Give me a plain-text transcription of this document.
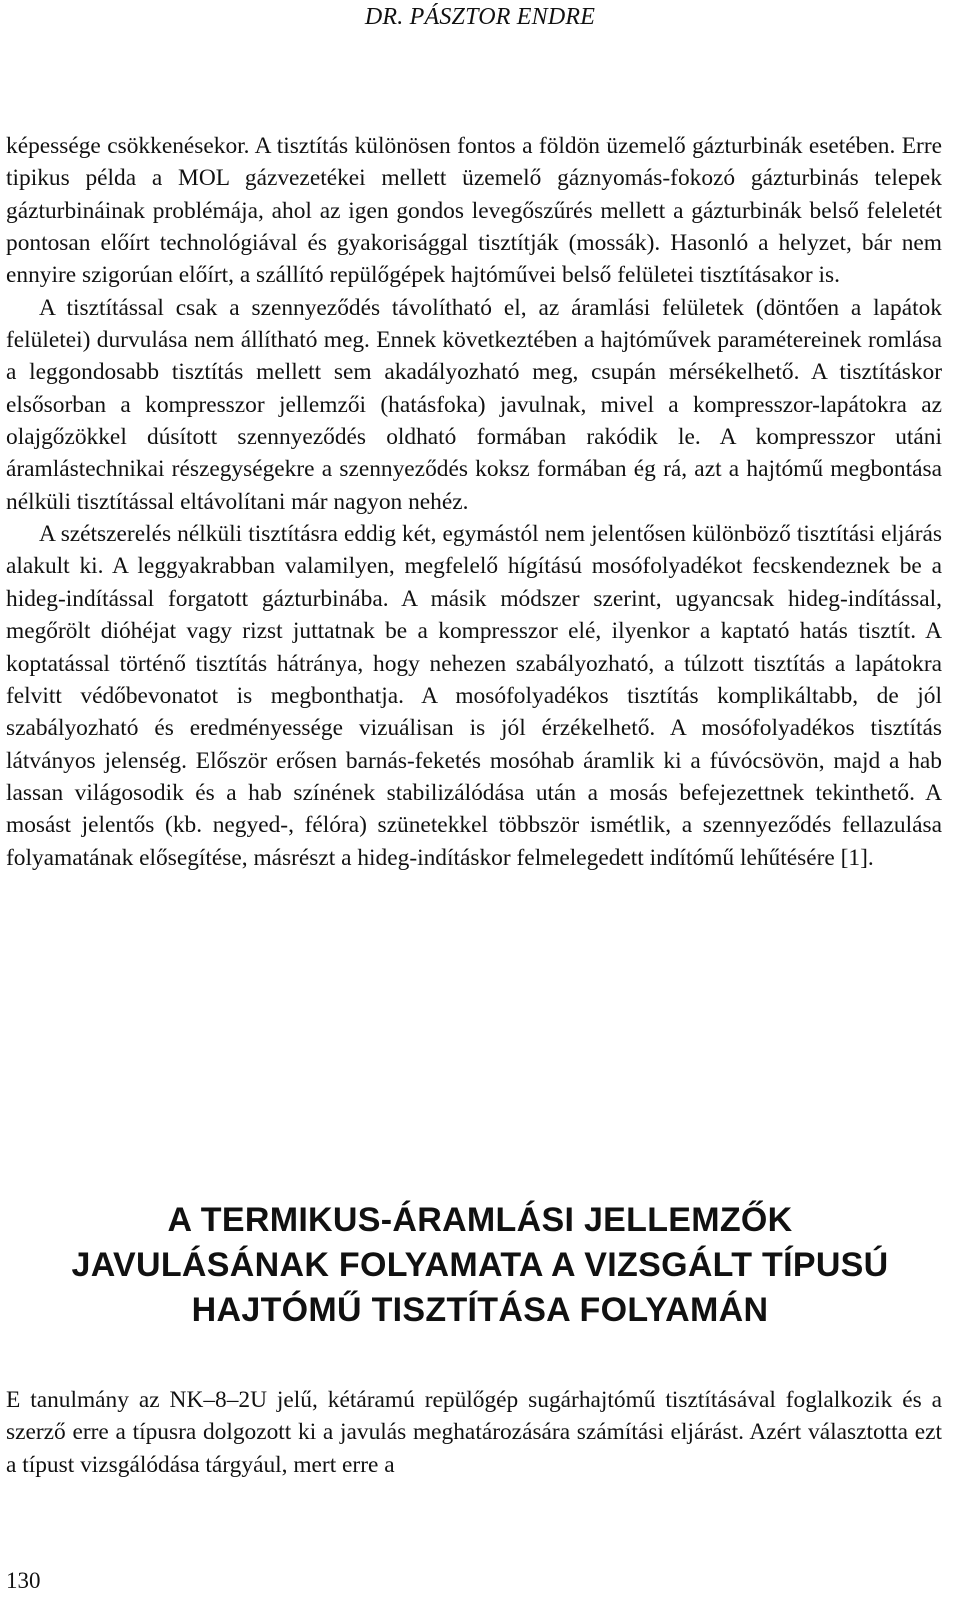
DR. PÁSZTOR ENDRE

képessége csökkenésekor. A tisztítás különösen fontos a földön üzemelő gázturbinák esetében. Erre tipikus példa a MOL gázvezetékei mellett üzemelő gáznyomás-fokozó gázturbinás telepek gázturbináinak problémája, ahol az igen gondos levegőszűrés mellett a gázturbinák belső feleletét pontosan előírt technológiával és gyakorisággal tisztítják (mossák). Hasonló a helyzet, bár nem ennyire szigorúan előírt, a szállító repülőgépek hajtóművei belső felületei tisztításakor is.

A tisztítással csak a szennyeződés távolítható el, az áramlási felületek (döntően a lapátok felületei) durvulása nem állítható meg. Ennek következtében a hajtóművek paramétereinek romlása a leggondosabb tisztítás mellett sem akadályozható meg, csupán mérsékelhető. A tisztításkor elsősorban a kompresszor jellemzői (hatásfoka) javulnak, mivel a kompresszor-lapátokra az olajgőzökkel dúsított szennyeződés oldható formában rakódik le. A kompresszor utáni áramlástechnikai részegységekre a szennyeződés koksz formában ég rá, azt a hajtómű megbontása nélküli tisztítással eltávolítani már nagyon nehéz.

A szétszerelés nélküli tisztításra eddig két, egymástól nem jelentősen különböző tisztítási eljárás alakult ki. A leggyakrabban valamilyen, megfelelő hígítású mosófolyadékot fecskendeznek be a hideg-indítással forgatott gázturbinába. A másik módszer szerint, ugyancsak hideg-indítással, megőrölt dióhéjat vagy rizst juttatnak be a kompresszor elé, ilyenkor a kaptató hatás tisztít. A koptatással történő tisztítás hátránya, hogy nehezen szabályozható, a túlzott tisztítás a lapátokra felvitt védőbevonatot is megbonthatja. A mosófolyadékos tisztítás komplikáltabb, de jól szabályozható és eredményessége vizuálisan is jól érzékelhető. A mosófolyadékos tisztítás látványos jelenség. Először erősen barnás-feketés mosóhab áramlik ki a fúvócsövön, majd a hab lassan világosodik és a hab színének stabilizálódása után a mosás befejezettnek tekinthető. A mosást jelentős (kb. negyed-, félóra) szünetekkel többször ismétlik, a szennyeződés fellazulása folyamatának elősegítése, másrészt a hideg-indításkor felmelegedett indítómű lehűtésére [1].

A TERMIKUS-ÁRAMLÁSI JELLEMZŐK
JAVULÁSÁNAK FOLYAMATA A VIZSGÁLT TÍPUSÚ
HAJTÓMŰ TISZTÍTÁSA FOLYAMÁN

E tanulmány az NK–8–2U jelű, kétáramú repülőgép sugárhajtómű tisztításával foglalkozik és a szerző erre a típusra dolgozott ki a javulás meghatározására számítási eljárást. Azért választotta ezt a típust vizsgálódása tárgyául, mert erre a

130
